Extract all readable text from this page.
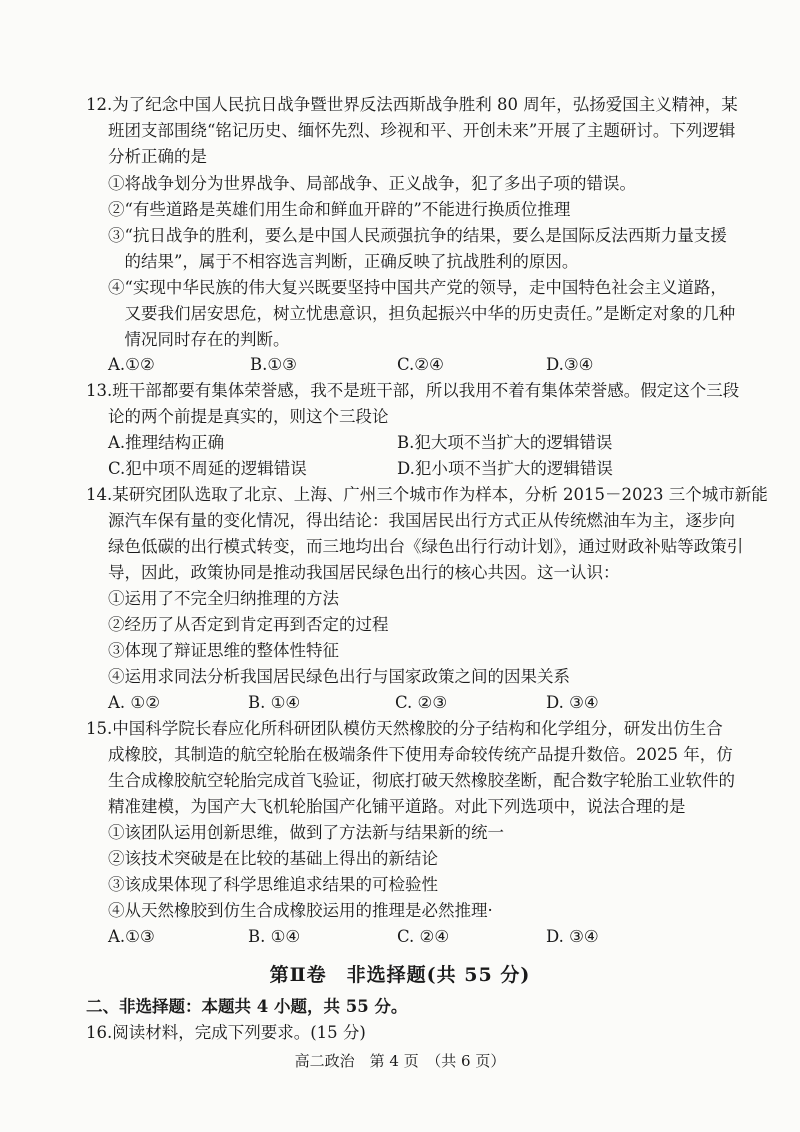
12.为了纪念中国人民抗日战争暨世界反法西斯战争胜利 80 周年，弘扬爱国主义精神，某
班团支部围绕“铭记历史、缅怀先烈、珍视和平、开创未来”开展了主题研讨。下列逻辑
分析正确的是
①将战争划分为世界战争、局部战争、正义战争，犯了多出子项的错误。
②“有些道路是英雄们用生命和鲜血开辟的”不能进行换质位推理
③“抗日战争的胜利，要么是中国人民顽强抗争的结果，要么是国际反法西斯力量支援
　的结果”，属于不相容选言判断，正确反映了抗战胜利的原因。
④“实现中华民族的伟大复兴既要坚持中国共产党的领导，走中国特色社会主义道路，
　又要我们居安思危，树立忧患意识，担负起振兴中华的历史责任。”是断定对象的几种
　情况同时存在的判断。
A.①②	B.①③	C.②④	D.③④
13.班干部都要有集体荣誉感，我不是班干部，所以我用不着有集体荣誉感。假定这个三段
论的两个前提是真实的，则这个三段论
A.推理结构正确	B.犯大项不当扩大的逻辑错误
C.犯中项不周延的逻辑错误	D.犯小项不当扩大的逻辑错误
14.某研究团队选取了北京、上海、广州三个城市作为样本，分析 2015－2023 三个城市新能
源汽车保有量的变化情况，得出结论：我国居民出行方式正从传统燃油车为主，逐步向
绿色低碳的出行模式转变，而三地均出台《绿色出行行动计划》，通过财政补贴等政策引
导，因此，政策协同是推动我国居民绿色出行的核心共因。这一认识：
①运用了不完全归纳推理的方法
②经历了从否定到肯定再到否定的过程
③体现了辩证思维的整体性特征
④运用求同法分析我国居民绿色出行与国家政策之间的因果关系
A. ①②	B. ①④	C. ②③	D. ③④
15.中国科学院长春应化所科研团队模仿天然橡胶的分子结构和化学组分，研发出仿生合
成橡胶，其制造的航空轮胎在极端条件下使用寿命较传统产品提升数倍。2025 年，仿
生合成橡胶航空轮胎完成首飞验证，彻底打破天然橡胶垄断，配合数字轮胎工业软件的
精准建模，为国产大飞机轮胎国产化铺平道路。对此下列选项中，说法合理的是
①该团队运用创新思维，做到了方法新与结果新的统一
②该技术突破是在比较的基础上得出的新结论
③该成果体现了科学思维追求结果的可检验性
④从天然橡胶到仿生合成橡胶运用的推理是必然推理·
A.①③	B. ①④	C. ②④	D. ③④
第Ⅱ卷　非选择题(共 55 分)
二、非选择题：本题共 4 小题，共 55 分。
16.阅读材料，完成下列要求。(15 分)
高二政治　第 4 页　（共 6 页）
